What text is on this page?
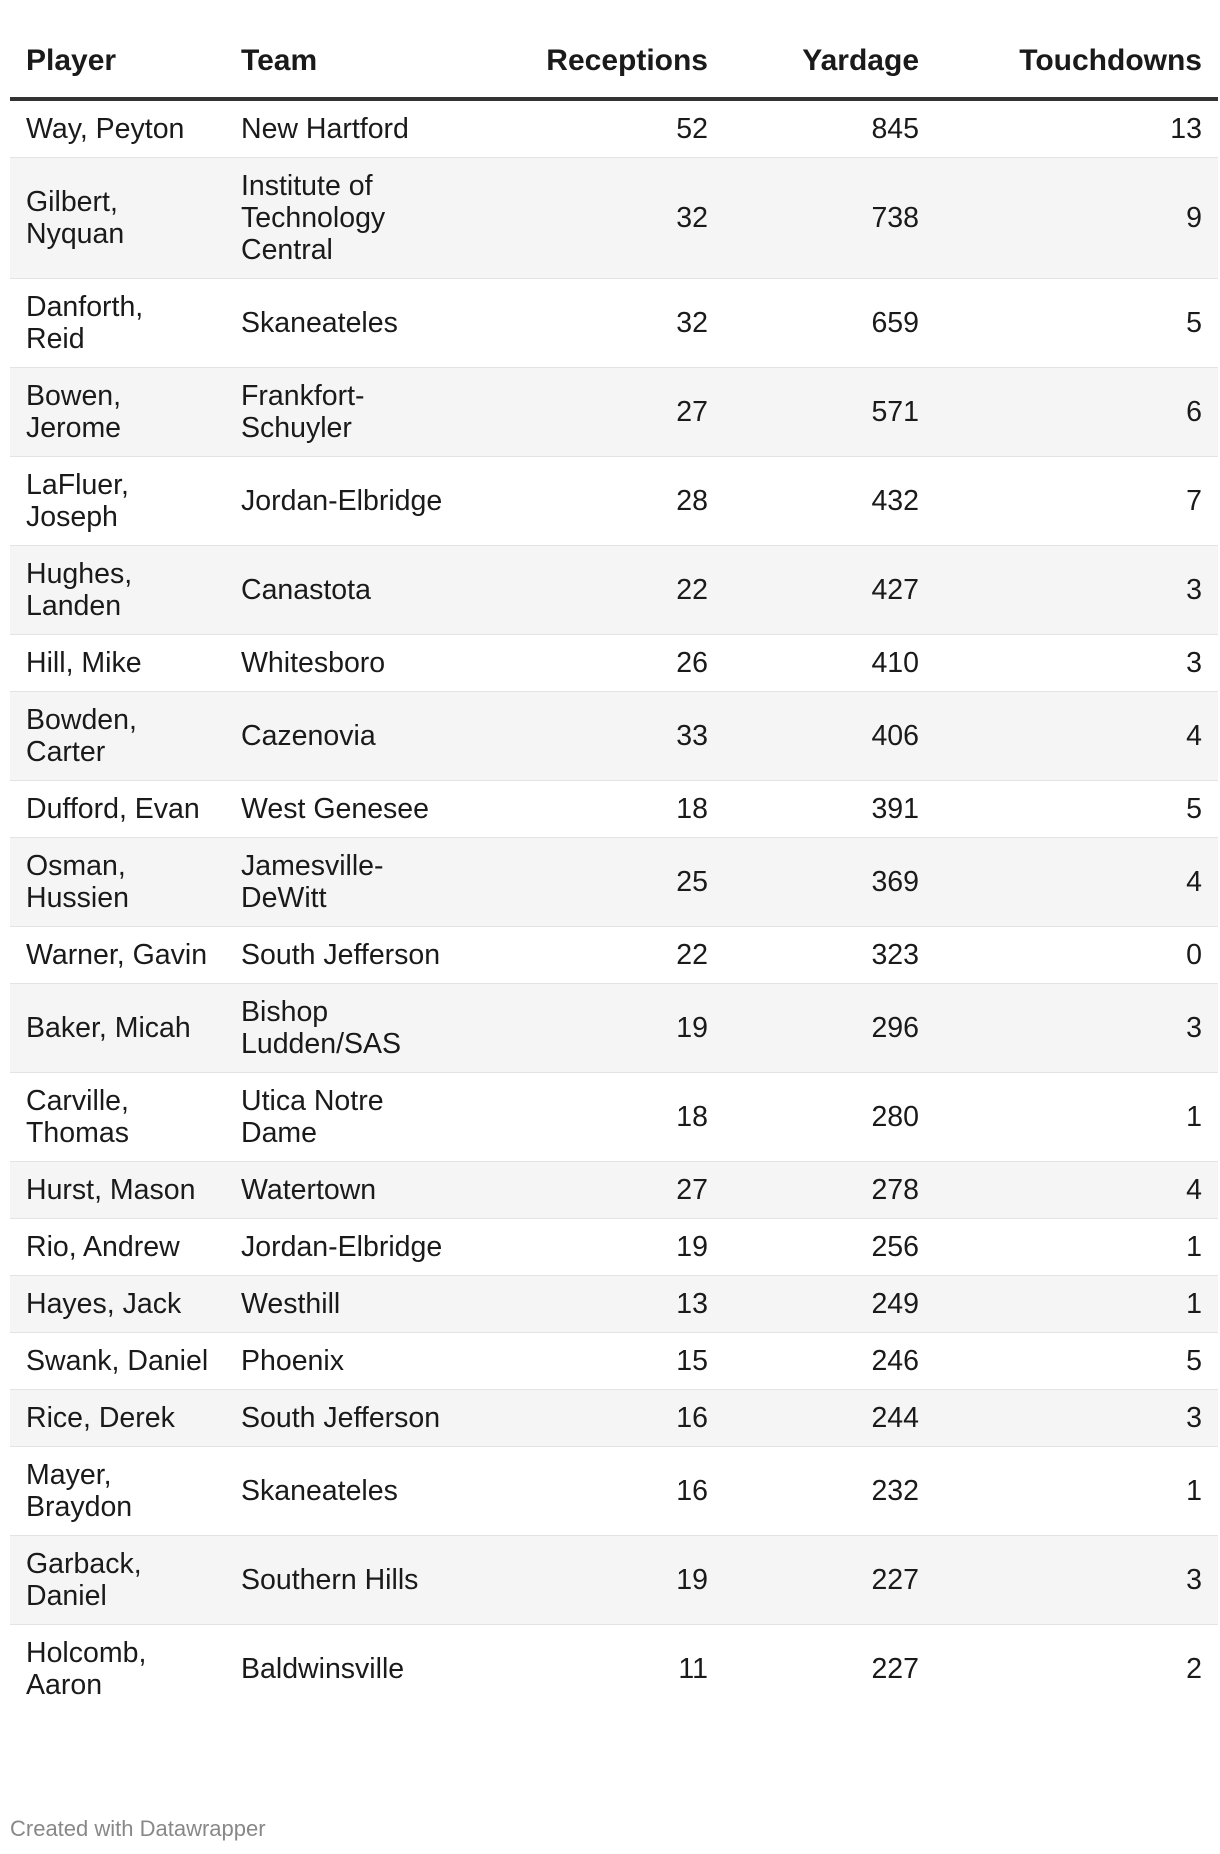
Player	Team	Receptions	Yardage	Touchdowns
Way, Peyton	New Hartford	52	845	13
Gilbert, Nyquan	Institute of Technology Central	32	738	9
Danforth, Reid	Skaneateles	32	659	5
Bowen, Jerome	Frankfort-Schuyler	27	571	6
LaFluer, Joseph	Jordan-Elbridge	28	432	7
Hughes, Landen	Canastota	22	427	3
Hill, Mike	Whitesboro	26	410	3
Bowden, Carter	Cazenovia	33	406	4
Dufford, Evan	West Genesee	18	391	5
Osman, Hussien	Jamesville-DeWitt	25	369	4
Warner, Gavin	South Jefferson	22	323	0
Baker, Micah	Bishop Ludden/SAS	19	296	3
Carville, Thomas	Utica Notre Dame	18	280	1
Hurst, Mason	Watertown	27	278	4
Rio, Andrew	Jordan-Elbridge	19	256	1
Hayes, Jack	Westhill	13	249	1
Swank, Daniel	Phoenix	15	246	5
Rice, Derek	South Jefferson	16	244	3
Mayer, Braydon	Skaneateles	16	232	1
Garback, Daniel	Southern Hills	19	227	3
Holcomb, Aaron	Baldwinsville	11	227	2
Created with Datawrapper
